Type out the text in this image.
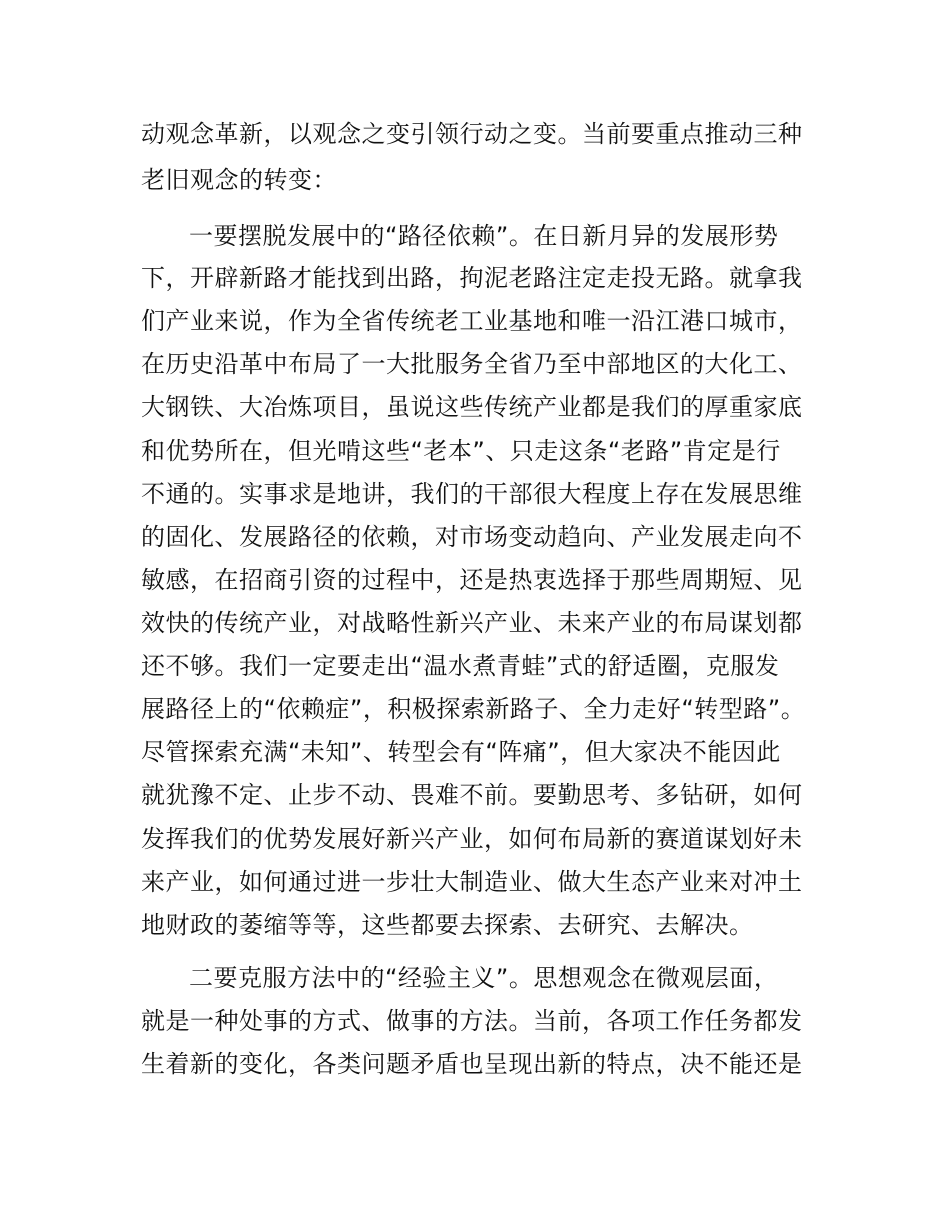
动观念革新，以观念之变引领行动之变。当前要重点推动三种
老旧观念的转变：
一要摆脱发展中的“路径依赖”。在日新月异的发展形势
下，开辟新路才能找到出路，拘泥老路注定走投无路。就拿我
们产业来说，作为全省传统老工业基地和唯一沿江港口城市，
在历史沿革中布局了一大批服务全省乃至中部地区的大化工、
大钢铁、大冶炼项目，虽说这些传统产业都是我们的厚重家底
和优势所在，但光啃这些“老本”、只走这条“老路”肯定是行
不通的。实事求是地讲，我们的干部很大程度上存在发展思维
的固化、发展路径的依赖，对市场变动趋向、产业发展走向不
敏感，在招商引资的过程中，还是热衷选择于那些周期短、见
效快的传统产业，对战略性新兴产业、未来产业的布局谋划都
还不够。我们一定要走出“温水煮青蛙”式的舒适圈，克服发
展路径上的“依赖症”，积极探索新路子、全力走好“转型路”。
尽管探索充满“未知”、转型会有“阵痛”，但大家决不能因此
就犹豫不定、止步不动、畏难不前。要勤思考、多钻研，如何
发挥我们的优势发展好新兴产业，如何布局新的赛道谋划好未
来产业，如何通过进一步壮大制造业、做大生态产业来对冲土
地财政的萎缩等等，这些都要去探索、去研究、去解决。
二要克服方法中的“经验主义”。思想观念在微观层面，
就是一种处事的方式、做事的方法。当前，各项工作任务都发
生着新的变化，各类问题矛盾也呈现出新的特点，决不能还是
